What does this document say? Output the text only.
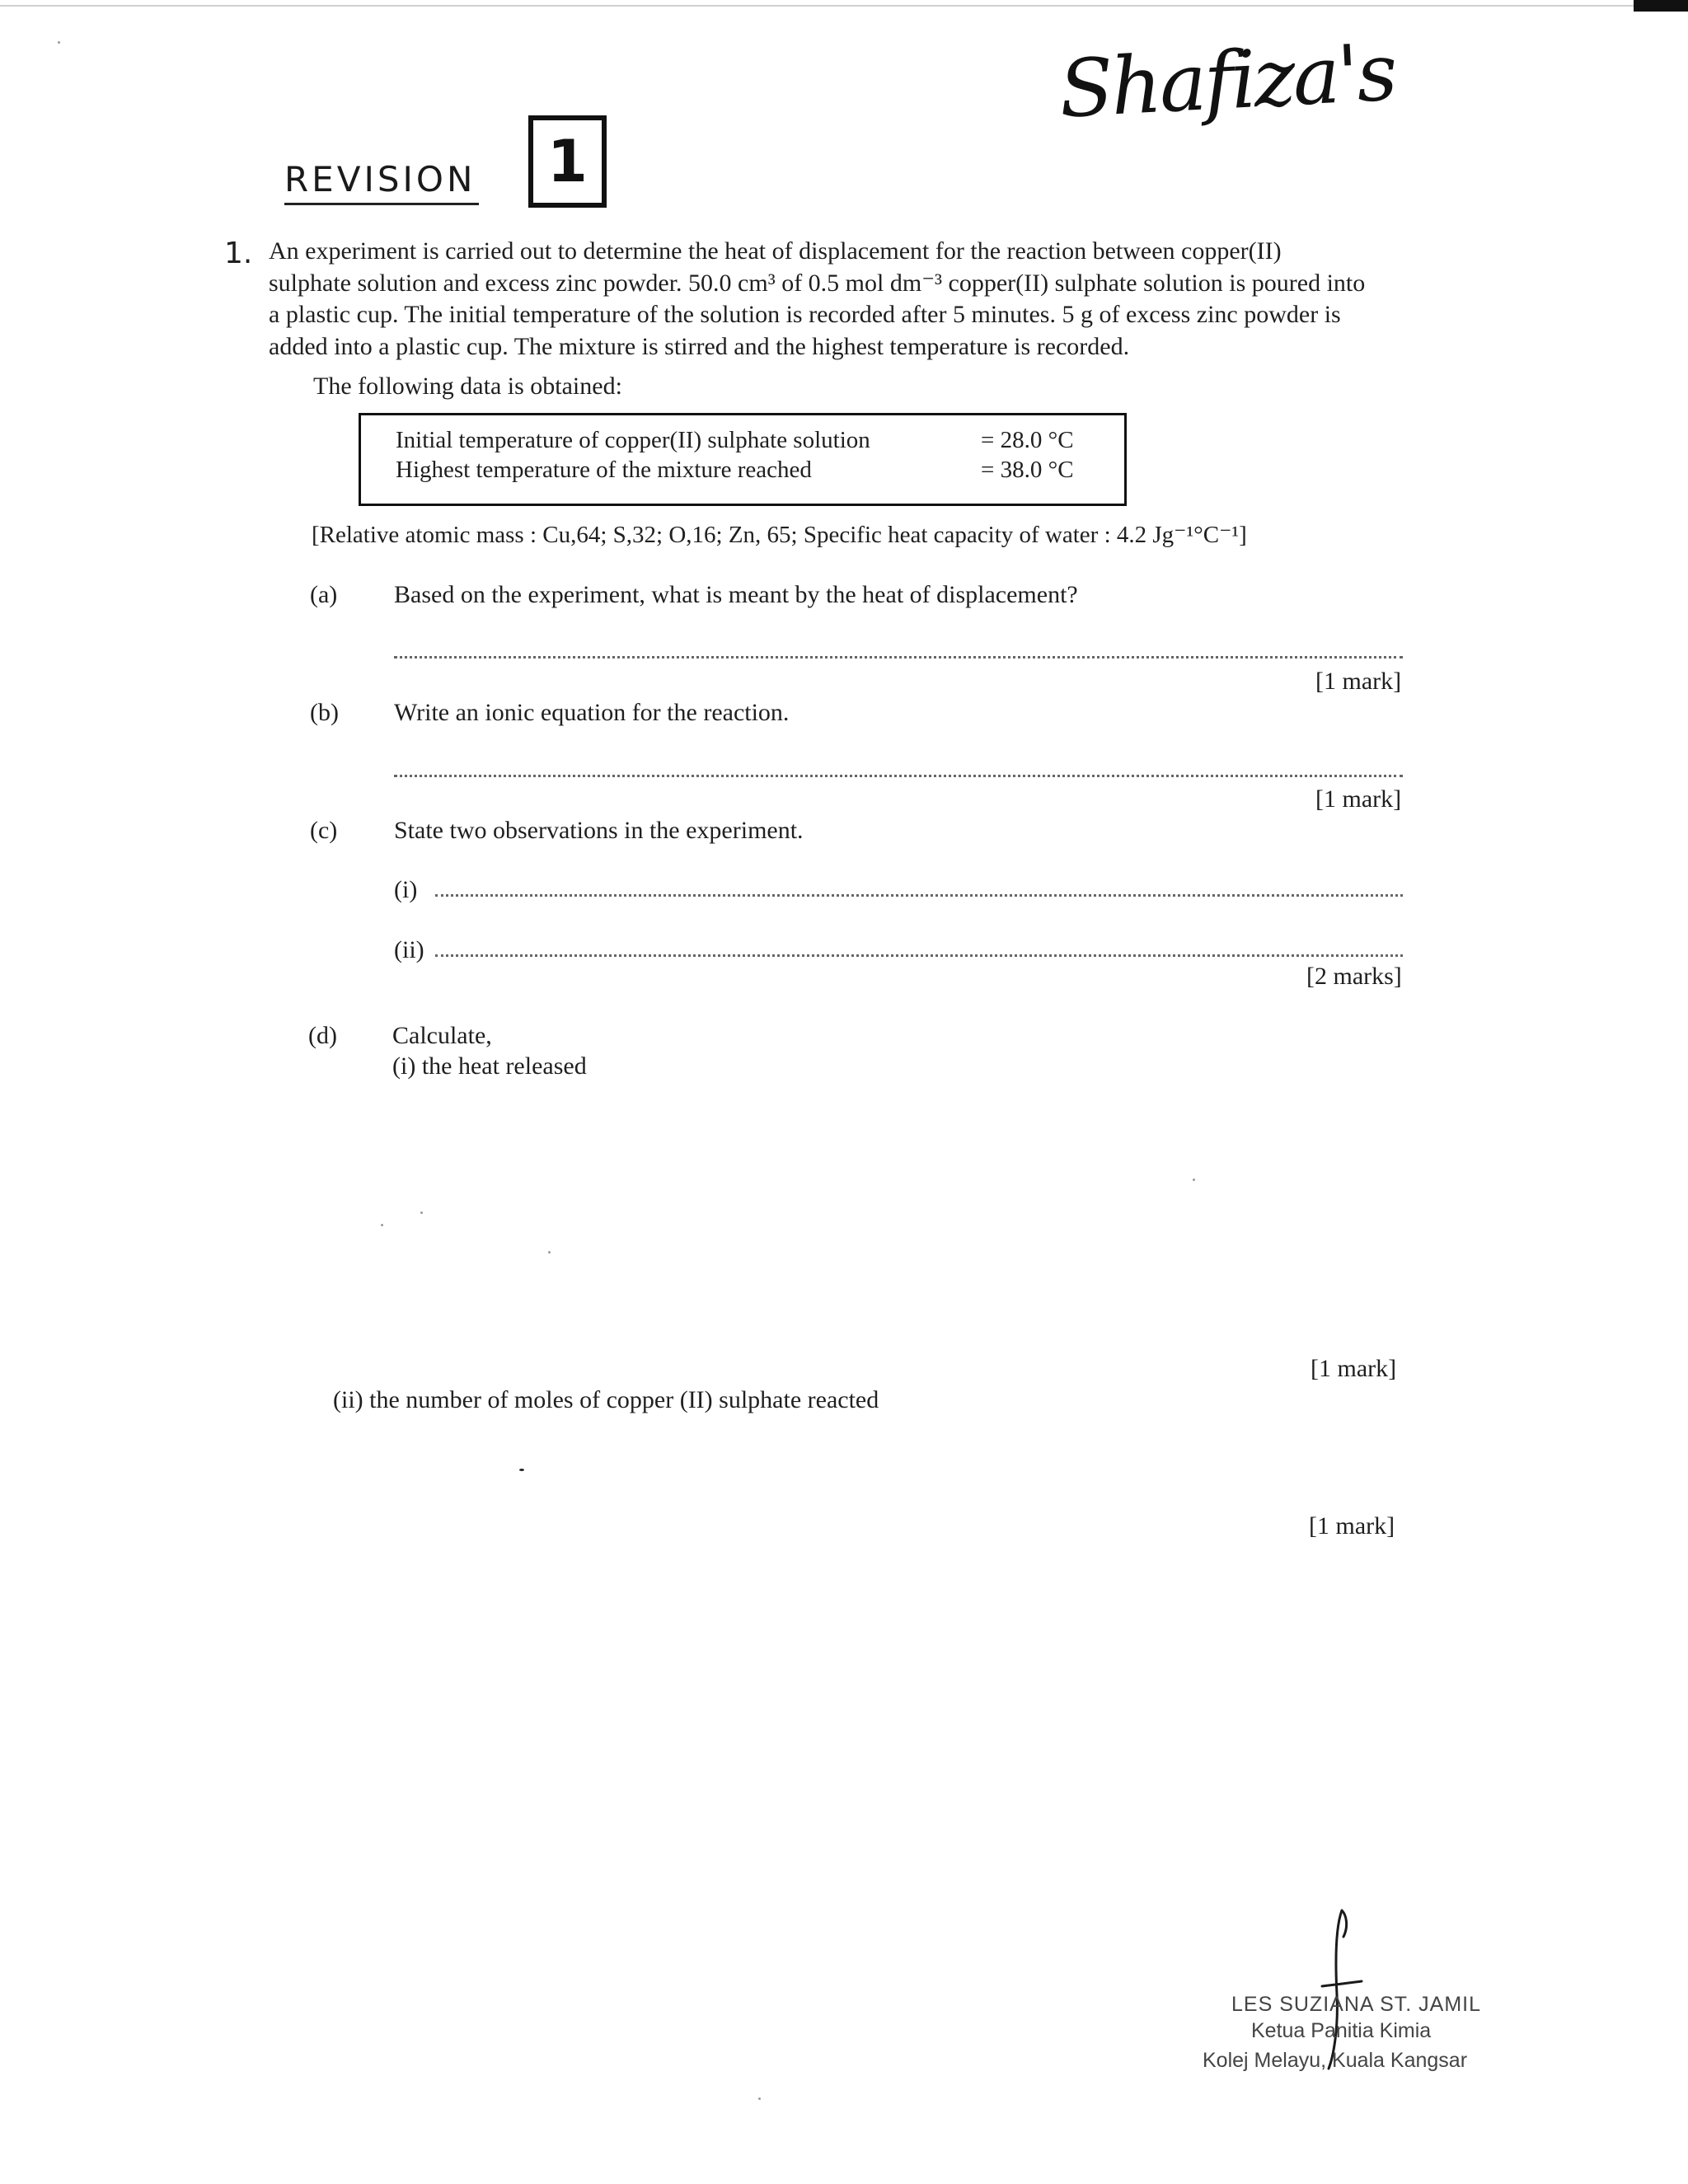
Shafiza's
REVISION 1
1. An experiment is carried out to determine the heat of displacement for the reaction between copper(II)

sulphate solution and excess zinc powder. 50.0 cm³ of 0.5 mol dm⁻³ copper(II) sulphate solution is poured into

a plastic cup. The initial temperature of the solution is recorded after 5 minutes. 5 g of excess zinc powder is

added into a plastic cup. The mixture is stirred and the highest temperature is recorded.

The following data is obtained:
Initial temperature of copper(II) sulphate solution	= 28.0 °C
Highest temperature of the mixture reached	= 38.0 °C
[Relative atomic mass : Cu,64; S,32; O,16; Zn, 65; Specific heat capacity of water : 4.2 Jg⁻¹°C⁻¹]
(a) Based on the experiment, what is meant by the heat of displacement?
[1 mark]
(b) Write an ionic equation for the reaction.
[1 mark]
(c) State two observations in the experiment.
(i)
(ii)
[2 marks]
(d) Calculate,
(i) the heat released
[1 mark]
(ii) the number of moles of copper (II) sulphate reacted
[1 mark]
LES SUZIANA ST. JAMIL
Ketua Panitia Kimia
Kolej Melayu, Kuala Kangsar
